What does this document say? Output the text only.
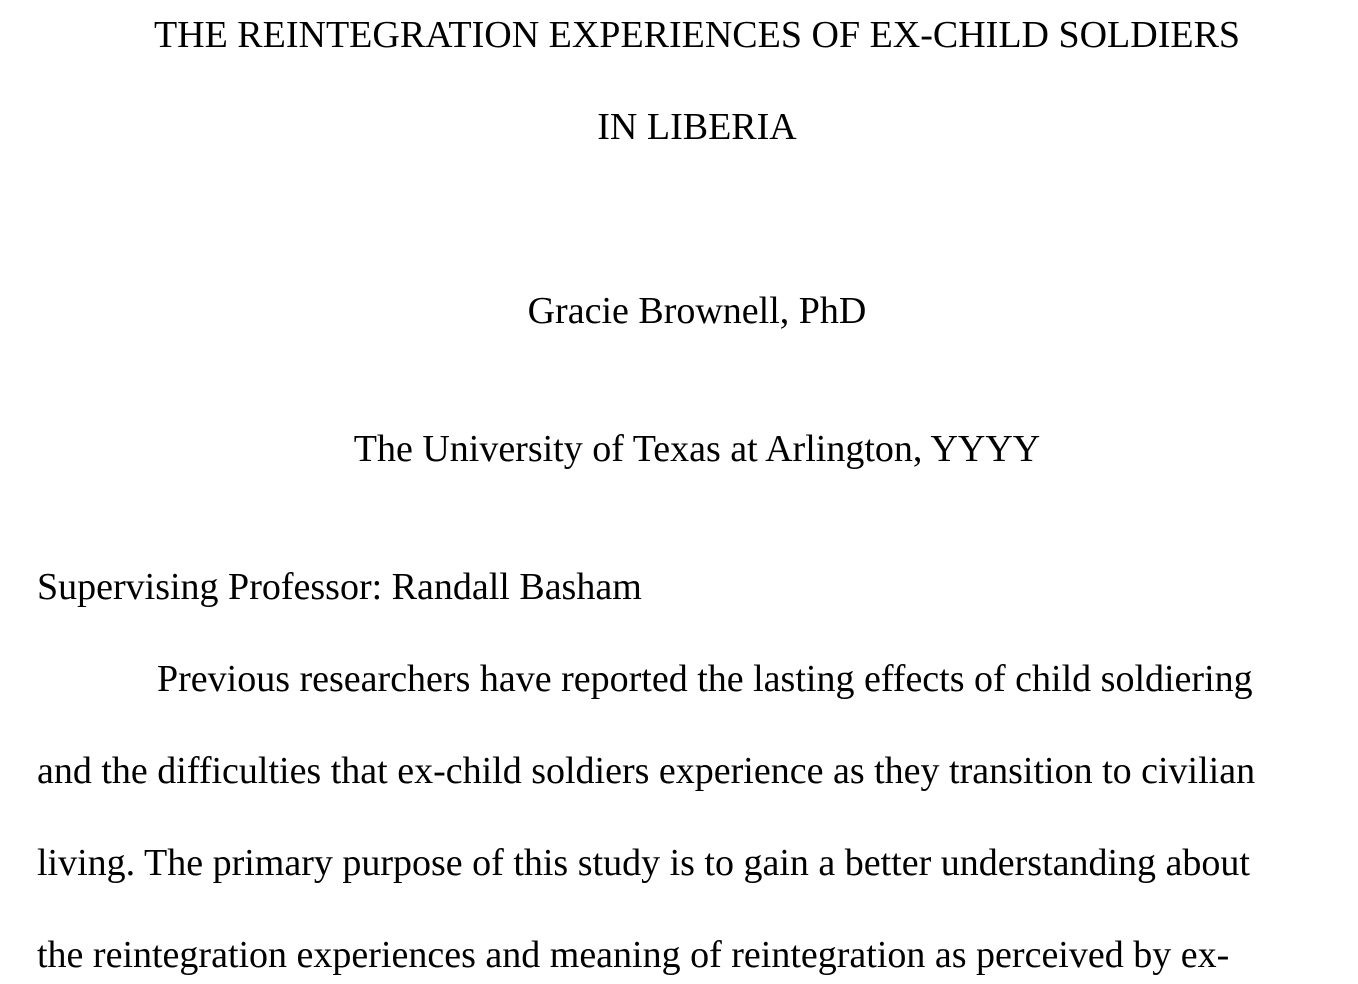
THE REINTEGRATION EXPERIENCES OF EX-CHILD SOLDIERS

IN LIBERIA

Gracie Brownell, PhD

The University of Texas at Arlington, YYYY

Supervising Professor: Randall Basham

Previous researchers have reported the lasting effects of child soldiering

and the difficulties that ex-child soldiers experience as they transition to civilian

living. The primary purpose of this study is to gain a better understanding about

the reintegration experiences and meaning of reintegration as perceived by ex-
